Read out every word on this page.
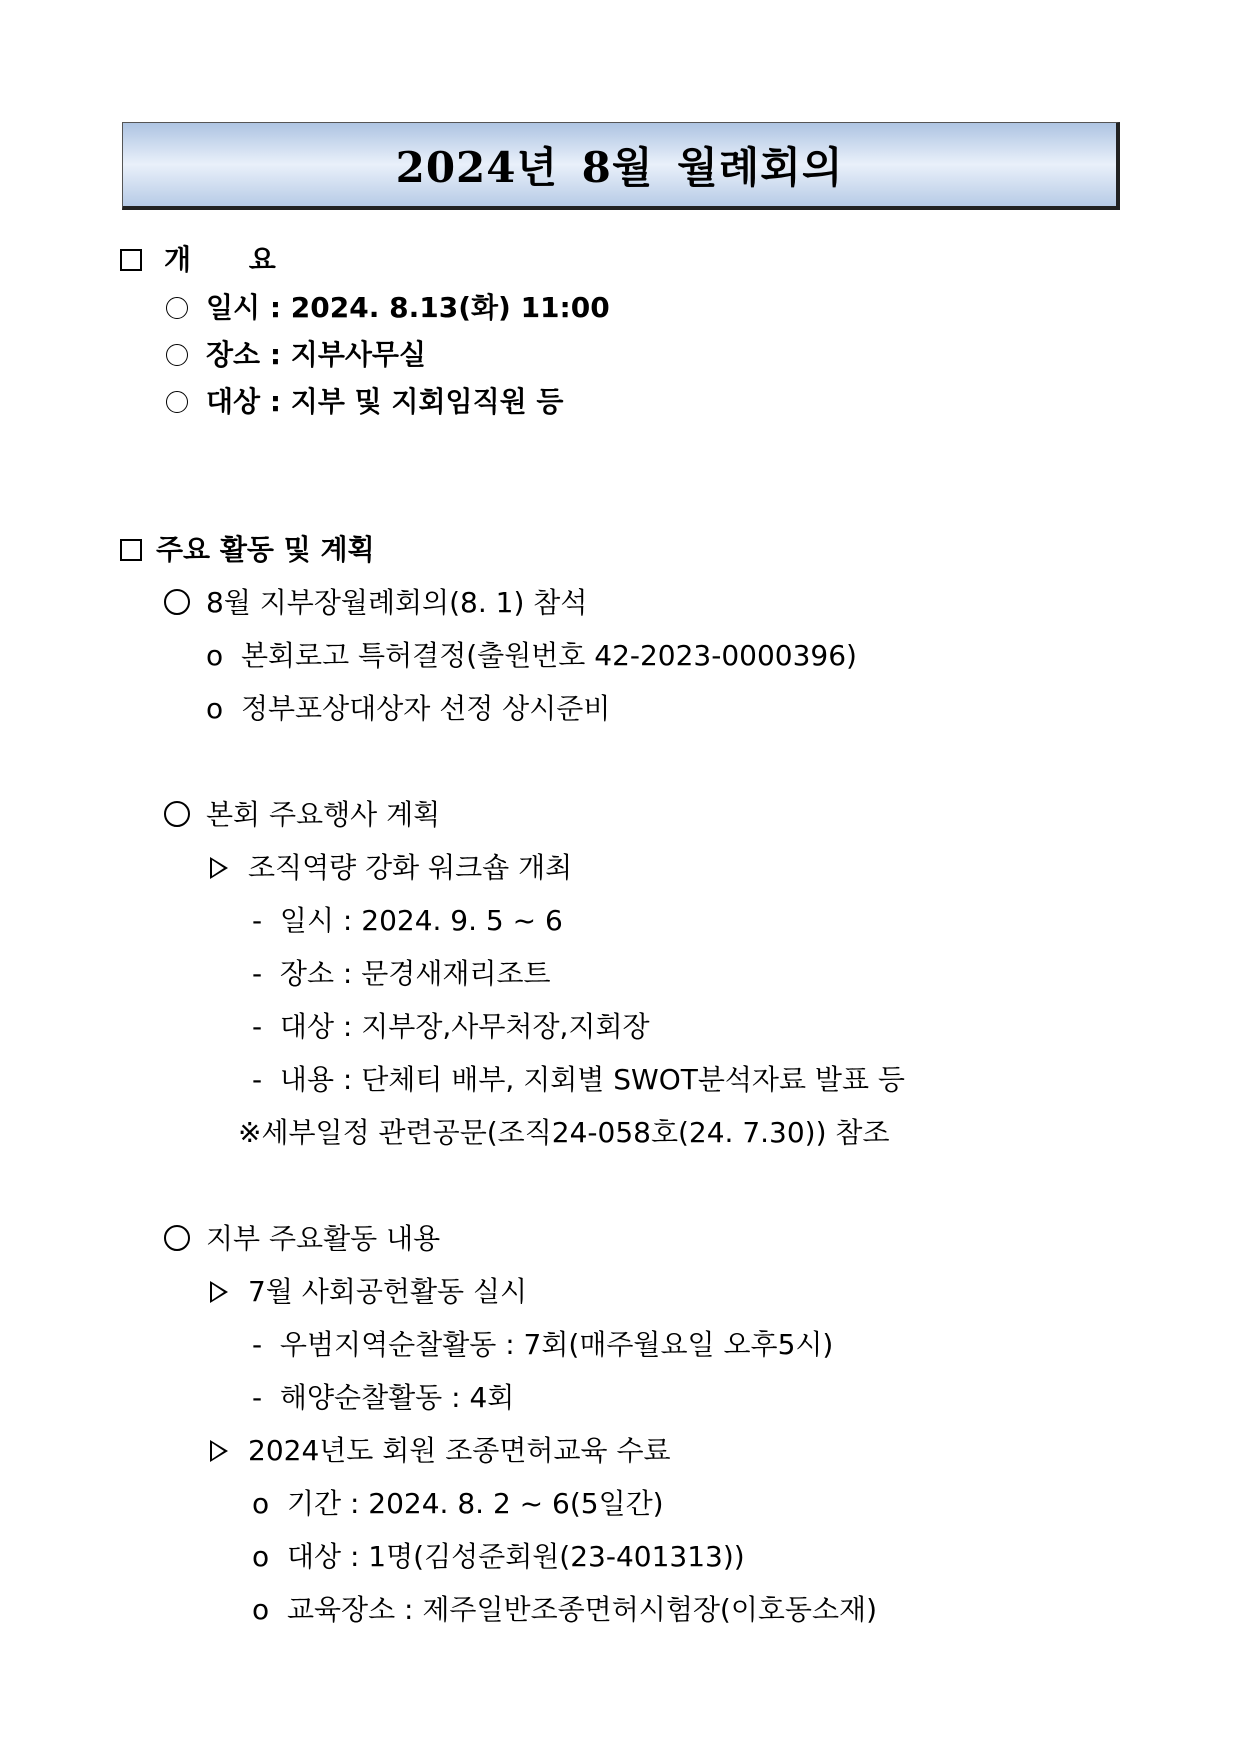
2024년 8월 월례회의
개 요
일시 : 2024. 8.13(화) 11:00
장소 : 지부사무실
대상 : 지부 및 지회임직원 등
주요 활동 및 계획
8월 지부장월례회의(8. 1) 참석
o 본회로고 특허결정(출원번호 42-2023-0000396)
o 정부포상대상자 선정 상시준비
본회 주요행사 계획
조직역량 강화 워크숍 개최
- 일시 : 2024. 9. 5 ~ 6
- 장소 : 문경새재리조트
- 대상 : 지부장,사무처장,지회장
- 내용 : 단체티 배부, 지회별 SWOT분석자료 발표 등
※세부일정 관련공문(조직24-058호(24. 7.30)) 참조
지부 주요활동 내용
7월 사회공헌활동 실시
- 우범지역순찰활동 : 7회(매주월요일 오후5시)
- 해양순찰활동 : 4회
2024년도 회원 조종면허교육 수료
o 기간 : 2024. 8. 2 ~ 6(5일간)
o 대상 : 1명(김성준회원(23-401313))
o 교육장소 : 제주일반조종면허시험장(이호동소재)
